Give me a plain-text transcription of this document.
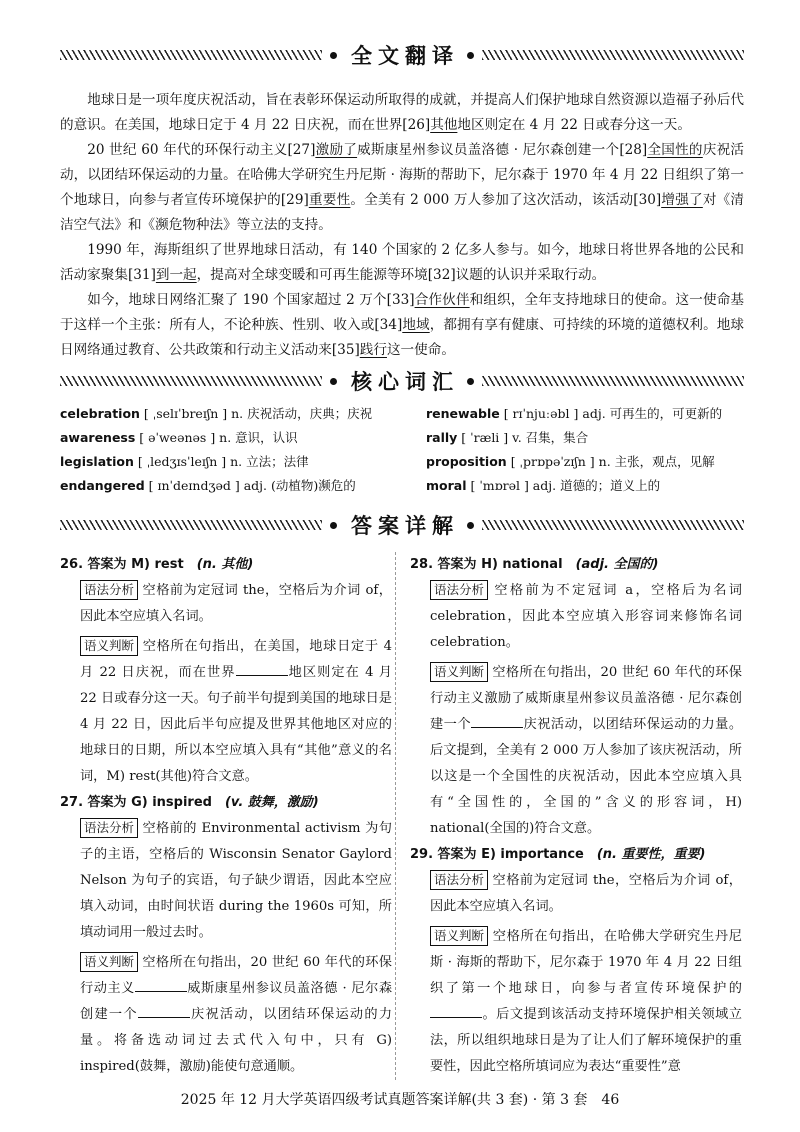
全文翻译

地球日是一项年度庆祝活动，旨在表彰环保运动所取得的成就，并提高人们保护地球自然资源以造福子孙后代的意识。在美国，地球日定于 4 月 22 日庆祝，而在世界[26]其他地区则定在 4 月 22 日或春分这一天。

20 世纪 60 年代的环保行动主义[27]激励了威斯康星州参议员盖洛德 · 尼尔森创建一个[28]全国性的庆祝活动，以团结环保运动的力量。在哈佛大学研究生丹尼斯 · 海斯的帮助下，尼尔森于 1970 年 4 月 22 日组织了第一个地球日，向参与者宣传环境保护的[29]重要性。全美有 2 000 万人参加了这次活动，该活动[30]增强了对《清洁空气法》和《濒危物种法》等立法的支持。

1990 年，海斯组织了世界地球日活动，有 140 个国家的 2 亿多人参与。如今，地球日将世界各地的公民和活动家聚集[31]到一起，提高对全球变暖和可再生能源等环境[32]议题的认识并采取行动。

如今，地球日网络汇聚了 190 个国家超过 2 万个[33]合作伙伴和组织，全年支持地球日的使命。这一使命基于这样一个主张：所有人，不论种族、性别、收入或[34]地域，都拥有享有健康、可持续的环境的道德权利。地球日网络通过教育、公共政策和行动主义活动来[35]践行这一使命。

核心词汇
celebration [ ˌselɪˈbreɪʃn ] n. 庆祝活动，庆典；庆祝
awareness [ əˈweənəs ] n. 意识，认识
legislation [ ˌledʒɪsˈleɪʃn ] n. 立法；法律
endangered [ ɪnˈdeɪndʒəd ] adj. (动植物)濒危的
renewable [ rɪˈnjuːəbl ] adj. 可再生的，可更新的
rally [ ˈræli ] v. 召集，集合
proposition [ ˌprɒpəˈzɪʃn ] n. 主张，观点，见解
moral [ ˈmɒrəl ] adj. 道德的；道义上的
答案详解
26. 答案为 M) rest　 (n. 其他)
语法分析 空格前为定冠词 the，空格后为介词 of，因此本空应填入名词。
语义判断 空格所在句指出，在美国，地球日定于 4 月 22 日庆祝，而在世界	地区则定在 4 月 22 日或春分这一天。句子前半句提到美国的地球日是 4 月 22 日，因此后半句应提及世界其他地区对应的地球日的日期，所以本空应填入具有“其他”意义的名词，M) rest(其他)符合文意。
27. 答案为 G) inspired　 (v. 鼓舞，激励)
语法分析 空格前的 Environmental activism 为句子的主语，空格后的 Wisconsin Senator Gaylord Nelson 为句子的宾语，句子缺少谓语，因此本空应填入动词，由时间状语 during the 1960s 可知，所填动词用一般过去时。
语义判断 空格所在句指出，20 世纪 60 年代的环保行动主义	威斯康星州参议员盖洛德 · 尼尔森创建一个	庆祝活动，以团结环保运动的力量。将备选动词过去式代入句中，只有 G) inspired(鼓舞，激励)能使句意通顺。
28. 答案为 H) national　 (adj. 全国的)
语法分析 空格前为不定冠词 a，空格后为名词 celebration，因此本空应填入形容词来修饰名词 celebration。
语义判断 空格所在句指出，20 世纪 60 年代的环保行动主义激励了威斯康星州参议员盖洛德 · 尼尔森创建一个	庆祝活动，以团结环保运动的力量。后文提到，全美有 2 000 万人参加了该庆祝活动，所以这是一个全国性的庆祝活动，因此本空应填入具有“全国性的，全国的”含义的形容词，H) national(全国的)符合文意。
29. 答案为 E) importance　 (n. 重要性，重要)
语法分析 空格前为定冠词 the，空格后为介词 of，因此本空应填入名词。
语义判断 空格所在句指出，在哈佛大学研究生丹尼斯 · 海斯的帮助下，尼尔森于 1970 年 4 月 22 日组织了第一个地球日，向参与者宣传环境保护的。后文提到该活动支持环境保护相关领域立法，所以组织地球日是为了让人们了解环境保护的重要性，因此空格所填词应为表达“重要性”意
2025 年 12 月大学英语四级考试真题答案详解(共 3 套) · 第 3 套　46
